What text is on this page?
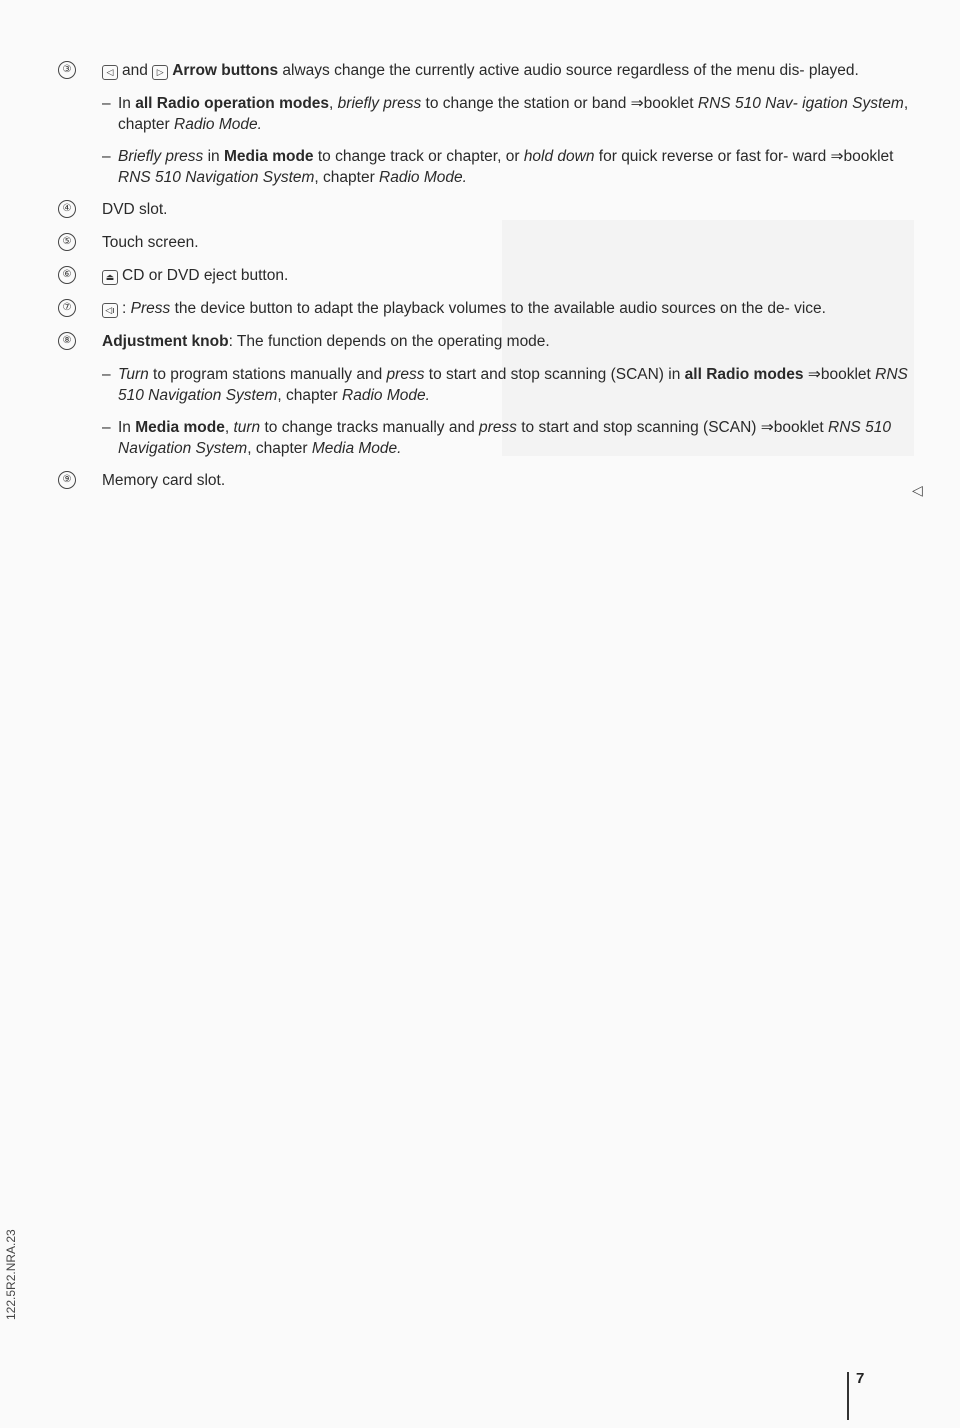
③	◁ and ▷ Arrow buttons always change the currently active audio source regardless of the menu dis- played.
– In all Radio operation modes, briefly press to change the station or band ⇒booklet RNS 510 Nav- igation System, chapter Radio Mode.
– Briefly press in Media mode to change track or chapter, or hold down for quick reverse or fast for- ward ⇒booklet RNS 510 Navigation System, chapter Radio Mode.
④ DVD slot.
⑤ Touch screen.
⑥	⏏ CD or DVD eject button.
⑦	◁ı : Press the device button to adapt the playback volumes to the available audio sources on the de- vice.
⑧ Adjustment knob: The function depends on the operating mode.
– Turn to program stations manually and press to start and stop scanning (SCAN) in all Radio modes ⇒booklet RNS 510 Navigation System, chapter Radio Mode.
– In Media mode, turn to change tracks manually and press to start and stop scanning (SCAN) ⇒booklet RNS 510 Navigation System, chapter Media Mode.
⑨ Memory card slot.
◁
122.5R2.NRA.23
7
